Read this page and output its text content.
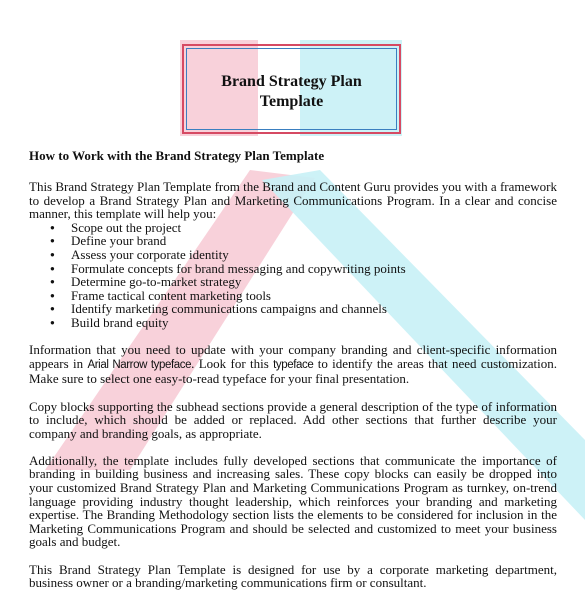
Brand Strategy Plan
Template
How to Work with the Brand Strategy Plan Template

This Brand Strategy Plan Template from the Brand and Content Guru provides you with a framework to develop a Brand Strategy Plan and Marketing Communications Program. In a clear and concise manner, this template will help you:

● Scope out the project
● Define your brand
● Assess your corporate identity
● Formulate concepts for brand messaging and copywriting points
● Determine go-to-market strategy
● Frame tactical content marketing tools
● Identify marketing communications campaigns and channels
● Build brand equity

Information that you need to update with your company branding and client-specific information appears in Arial Narrow typeface. Look for this typeface to identify the areas that need customization. Make sure to select one easy-to-read typeface for your final presentation.

Copy blocks supporting the subhead sections provide a general description of the type of information to include, which should be added or replaced. Add other sections that further describe your company and branding goals, as appropriate.

Additionally, the template includes fully developed sections that communicate the importance of branding in building business and increasing sales. These copy blocks can easily be dropped into your customized Brand Strategy Plan and Marketing Communications Program as turnkey, on-trend language providing industry thought leadership, which reinforces your branding and marketing expertise. The Branding Methodology section lists the elements to be considered for inclusion in the Marketing Communications Program and should be selected and customized to meet your business goals and budget.

This Brand Strategy Plan Template is designed for use by a corporate marketing department, business owner or a branding/marketing communications firm or consultant.
